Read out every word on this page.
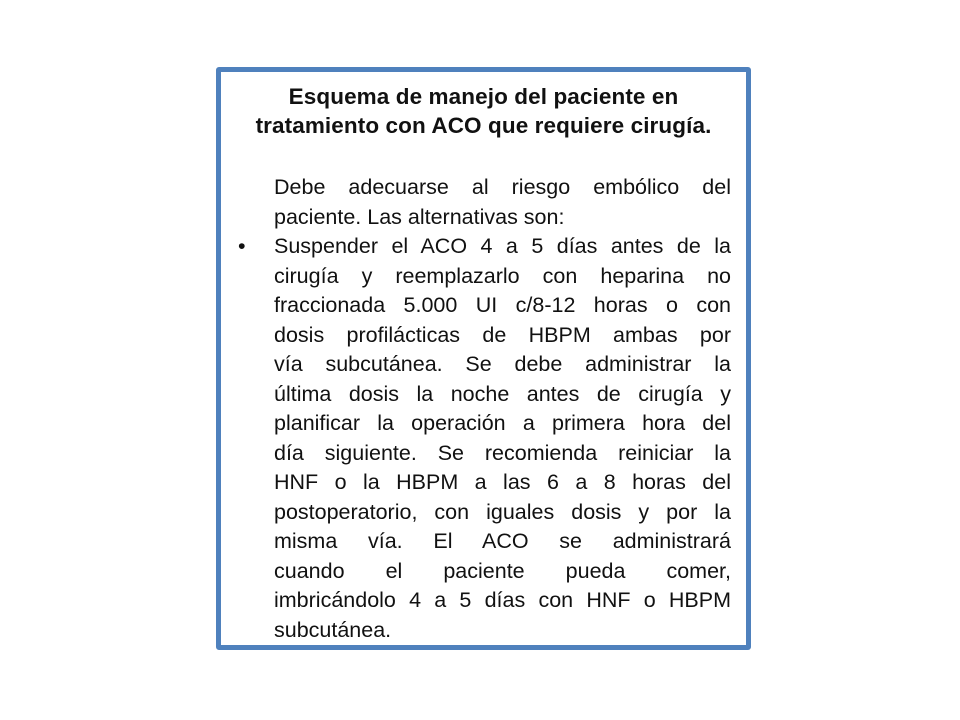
Esquema de manejo del paciente en
tratamiento con ACO que requiere cirugía.
Debe adecuarse al riesgo embólico del
paciente. Las alternativas son:
• Suspender el ACO 4 a 5 días antes de la
cirugía y reemplazarlo con heparina no
fraccionada 5.000 UI c/8-12 horas o con
dosis profilácticas de HBPM ambas por
vía subcutánea. Se debe administrar la
última dosis la noche antes de cirugía y
planificar la operación a primera hora del
día siguiente. Se recomienda reiniciar la
HNF o la HBPM a las 6 a 8 horas del
postoperatorio, con iguales dosis y por la
misma vía. El ACO se administrará
cuando el paciente pueda comer,
imbricándolo 4 a 5 días con HNF o HBPM
subcutánea.
